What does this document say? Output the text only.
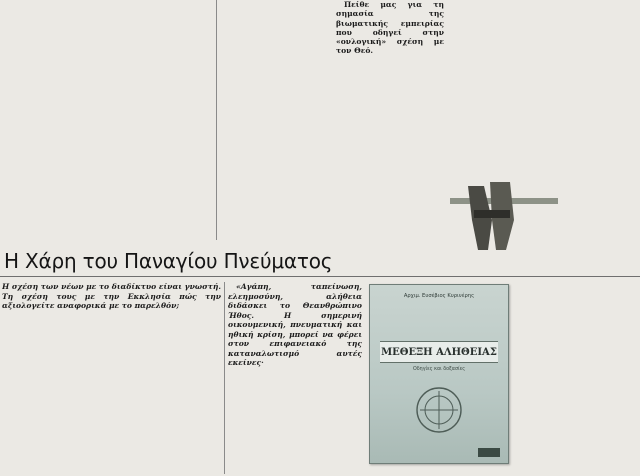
Πείθε μας για τη σημασία της βιωματικής εμπειρίας που οδηγεί στην «ονλογική» σχέση με τον Θεό.

Η Χάρη του Παναγίου Πνεύματος

Η σχέση των νέων με το διαδίκτυο είναι γνωστή. Τη σχέση τους με την Εκκλησία πώς την αξιολογείτε αναφορικά με το παρελθόν;

«Αγάπη, ταπείνωση, ελεημοσύνη, αλήθεια διδάσκει το Θεανθρώπινο Ήθος. Η σημερινή οικουμενική, πνευματική και ηθική κρίση, μπορεί να φέρει στον επιφανειακό της καταναλωτισμό αυτές εκείνες·

Αρχιμ. Ευσέβιος Κυρινέρης
ΜΕΘΕΞΗ ΑΛΗΘΕΙΑΣ
Οδηγίες και δοξασίες
